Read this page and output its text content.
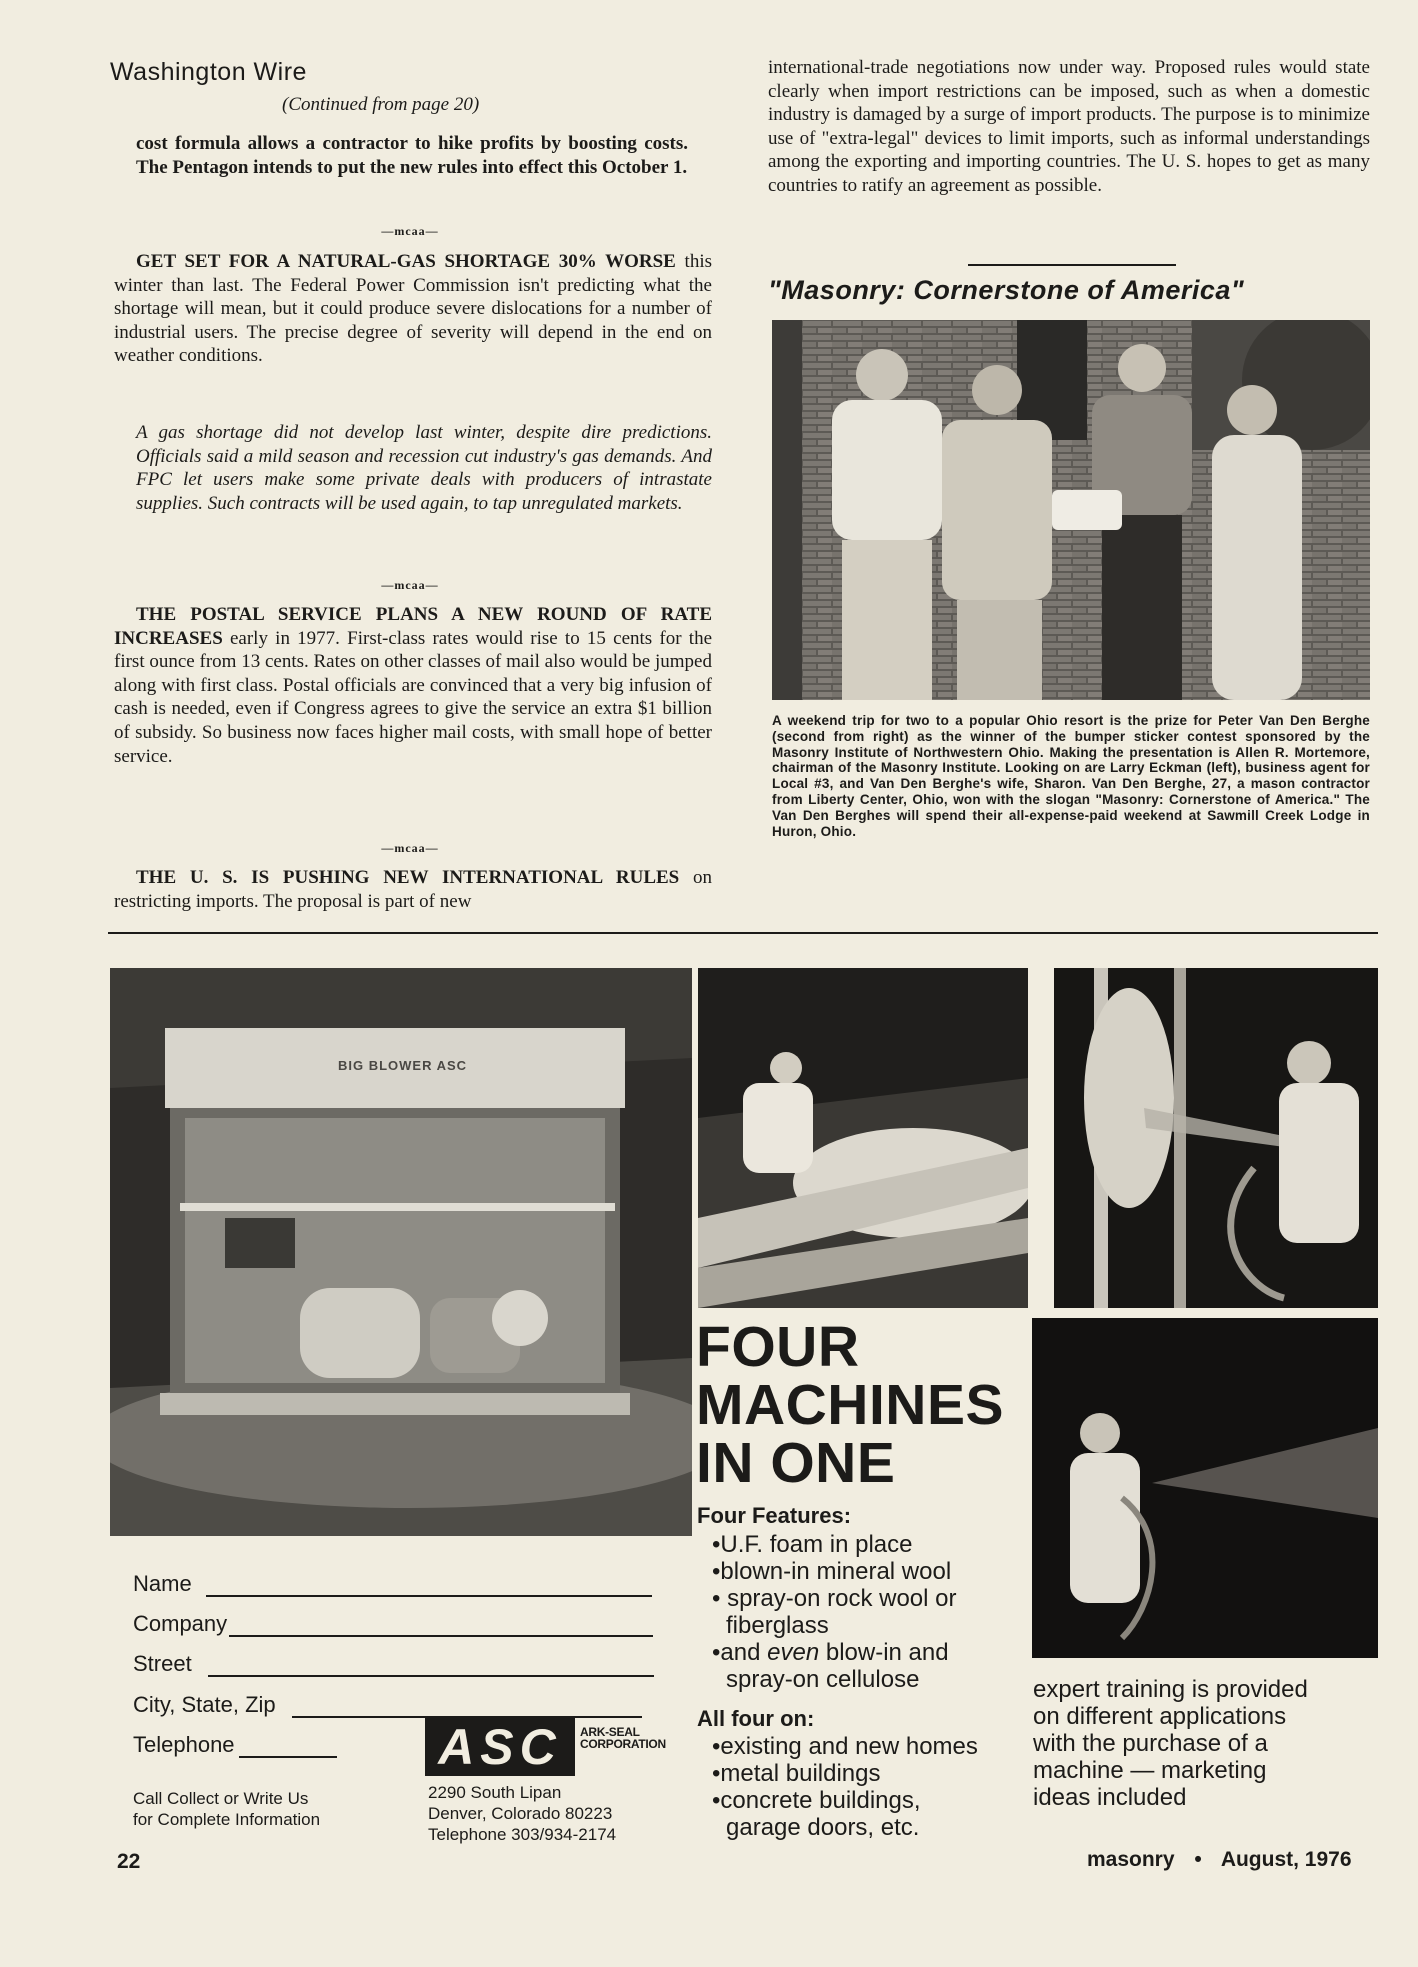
Washington Wire
(Continued from page 20)

cost formula allows a contractor to hike profits by boosting costs. The Pentagon intends to put the new rules into effect this October 1.

—mcaa—

GET SET FOR A NATURAL-GAS SHORTAGE 30% WORSE this winter than last. The Federal Power Commission isn't predicting what the shortage will mean, but it could produce severe dislocations for a number of industrial users. The precise degree of severity will depend in the end on weather conditions.

A gas shortage did not develop last winter, despite dire predictions. Officials said a mild season and recession cut industry's gas demands. And FPC let users make some private deals with producers of intrastate supplies. Such contracts will be used again, to tap unregulated markets.
—mcaa—

THE POSTAL SERVICE PLANS A NEW ROUND OF RATE INCREASES early in 1977. First-class rates would rise to 15 cents for the first ounce from 13 cents. Rates on other classes of mail also would be jumped along with first class. Postal officials are convinced that a very big infusion of cash is needed, even if Congress agrees to give the service an extra $1 billion of subsidy. So business now faces higher mail costs, with small hope of better service.

—mcaa—

THE U. S. IS PUSHING NEW INTERNATIONAL RULES on restricting imports. The proposal is part of new

international-trade negotiations now under way. Proposed rules would state clearly when import restrictions can be imposed, such as when a domestic industry is damaged by a surge of import products. The purpose is to minimize use of "extra-legal" devices to limit imports, such as informal understandings among the exporting and importing countries. The U. S. hopes to get as many countries to ratify an agreement as possible.
"Masonry: Cornerstone of America"
A weekend trip for two to a popular Ohio resort is the prize for Peter Van Den Berghe (second from right) as the winner of the bumper sticker contest sponsored by the Masonry Institute of Northwestern Ohio. Making the presentation is Allen R. Mortemore, chairman of the Masonry Institute. Looking on are Larry Eckman (left), business agent for Local #3, and Van Den Berghe's wife, Sharon. Van Den Berghe, 27, a mason contractor from Liberty Center, Ohio, won with the slogan "Masonry: Cornerstone of America." The Van Den Berghes will spend their all-expense-paid weekend at Sawmill Creek Lodge in Huron, Ohio.
BIG BLOWER ASC
FOUR
MACHINES
IN ONE
Four Features:
•U.F. foam in place
•blown-in mineral wool
• spray-on rock wool or
fiberglass
•and even blow-in and
spray-on cellulose
All four on:
•existing and new homes
•metal buildings
•concrete buildings,
garage doors, etc.
expert training is provided
on different applications
with the purchase of a
machine — marketing
ideas included
Name
Company
Street
City, State, Zip
Telephone
Call Collect or Write Us
for Complete Information
ASC	ARK-SEAL
CORPORATION
2290 South Lipan
Denver, Colorado 80223
Telephone 303/934-2174
22	masonry • August, 1976
